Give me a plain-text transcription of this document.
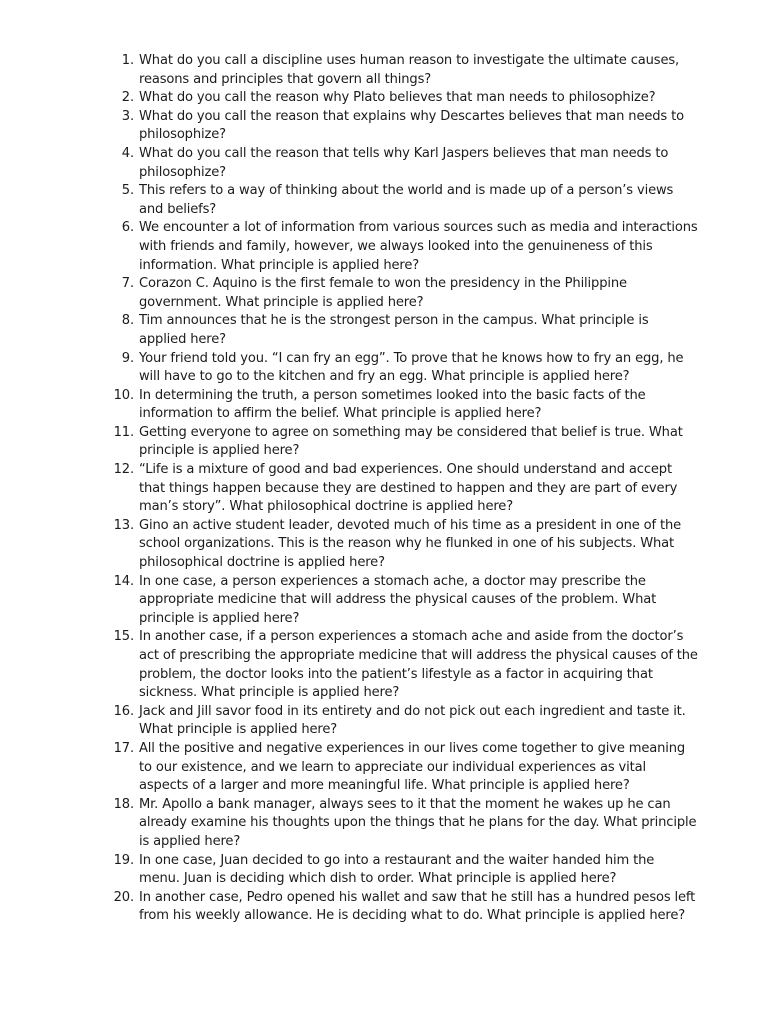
1. What do you call a discipline uses human reason to investigate the ultimate causes, reasons and principles that govern all things?
2. What do you call the reason why Plato believes that man needs to philosophize?
3. What do you call the reason that explains why Descartes believes that man needs to philosophize?
4. What do you call the reason that tells why Karl Jaspers believes that man needs to philosophize?
5. This refers to a way of thinking about the world and is made up of a person’s views and beliefs?
6. We encounter a lot of information from various sources such as media and interactions with friends and family, however, we always looked into the genuineness of this information. What principle is applied here?
7. Corazon C. Aquino is the first female to won the presidency in the Philippine government. What principle is applied here?
8. Tim announces that he is the strongest person in the campus. What principle is applied here?
9. Your friend told you. “I can fry an egg”. To prove that he knows how to fry an egg, he will have to go to the kitchen and fry an egg. What principle is applied here?
10. In determining the truth, a person sometimes looked into the basic facts of the information to affirm the belief. What principle is applied here?
11. Getting everyone to agree on something may be considered that belief is true. What principle is applied here?
12. “Life is a mixture of good and bad experiences. One should understand and accept that things happen because they are destined to happen and they are part of every man’s story”. What philosophical doctrine is applied here?
13. Gino an active student leader, devoted much of his time as a president in one of the school organizations. This is the reason why he flunked in one of his subjects. What philosophical doctrine is applied here?
14. In one case, a person experiences a stomach ache, a doctor may prescribe the appropriate medicine that will address the physical causes of the problem. What principle is applied here?
15. In another case, if a person experiences a stomach ache and aside from the doctor’s act of prescribing the appropriate medicine that will address the physical causes of the problem, the doctor looks into the patient’s lifestyle as a factor in acquiring that sickness. What principle is applied here?
16. Jack and Jill savor food in its entirety and do not pick out each ingredient and taste it. What principle is applied here?
17. All the positive and negative experiences in our lives come together to give meaning to our existence, and we learn to appreciate our individual experiences as vital aspects of a larger and more meaningful life. What principle is applied here?
18. Mr. Apollo a bank manager, always sees to it that the moment he wakes up he can already examine his thoughts upon the things that he plans for the day. What principle is applied here?
19. In one case, Juan decided to go into a restaurant and the waiter handed him the menu. Juan is deciding which dish to order. What principle is applied here?
20. In another case, Pedro opened his wallet and saw that he still has a hundred pesos left from his weekly allowance. He is deciding what to do. What principle is applied here?
